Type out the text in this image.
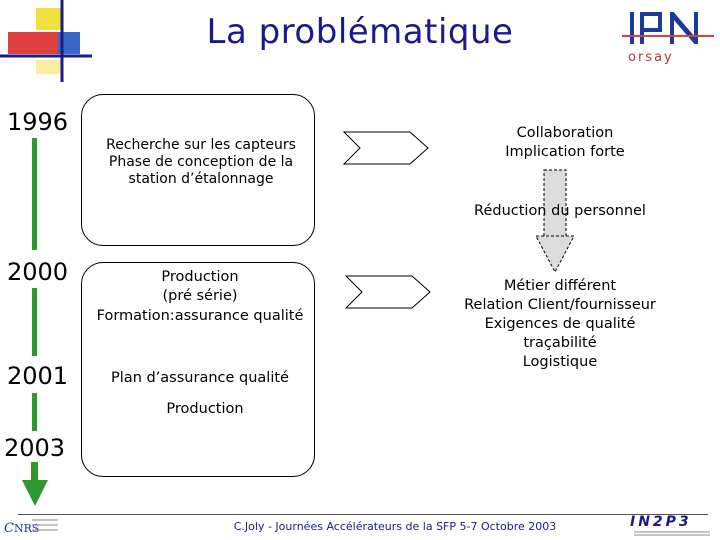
La problématique
orsay
1996
2000
2001
2003
Recherche sur les capteurs
Phase de conception de la
station d’étalonnage
Production
(pré série)
Formation:assurance qualité
Plan d’assurance qualité
Production
Collaboration
Implication forte
Réduction du personnel
Métier différent
Relation Client/fournisseur
Exigences de qualité
traçabilité
Logistique
C.Joly - Journées Accélérateurs de la SFP 5-7 Octobre 2003
C NRS	IN2P3
